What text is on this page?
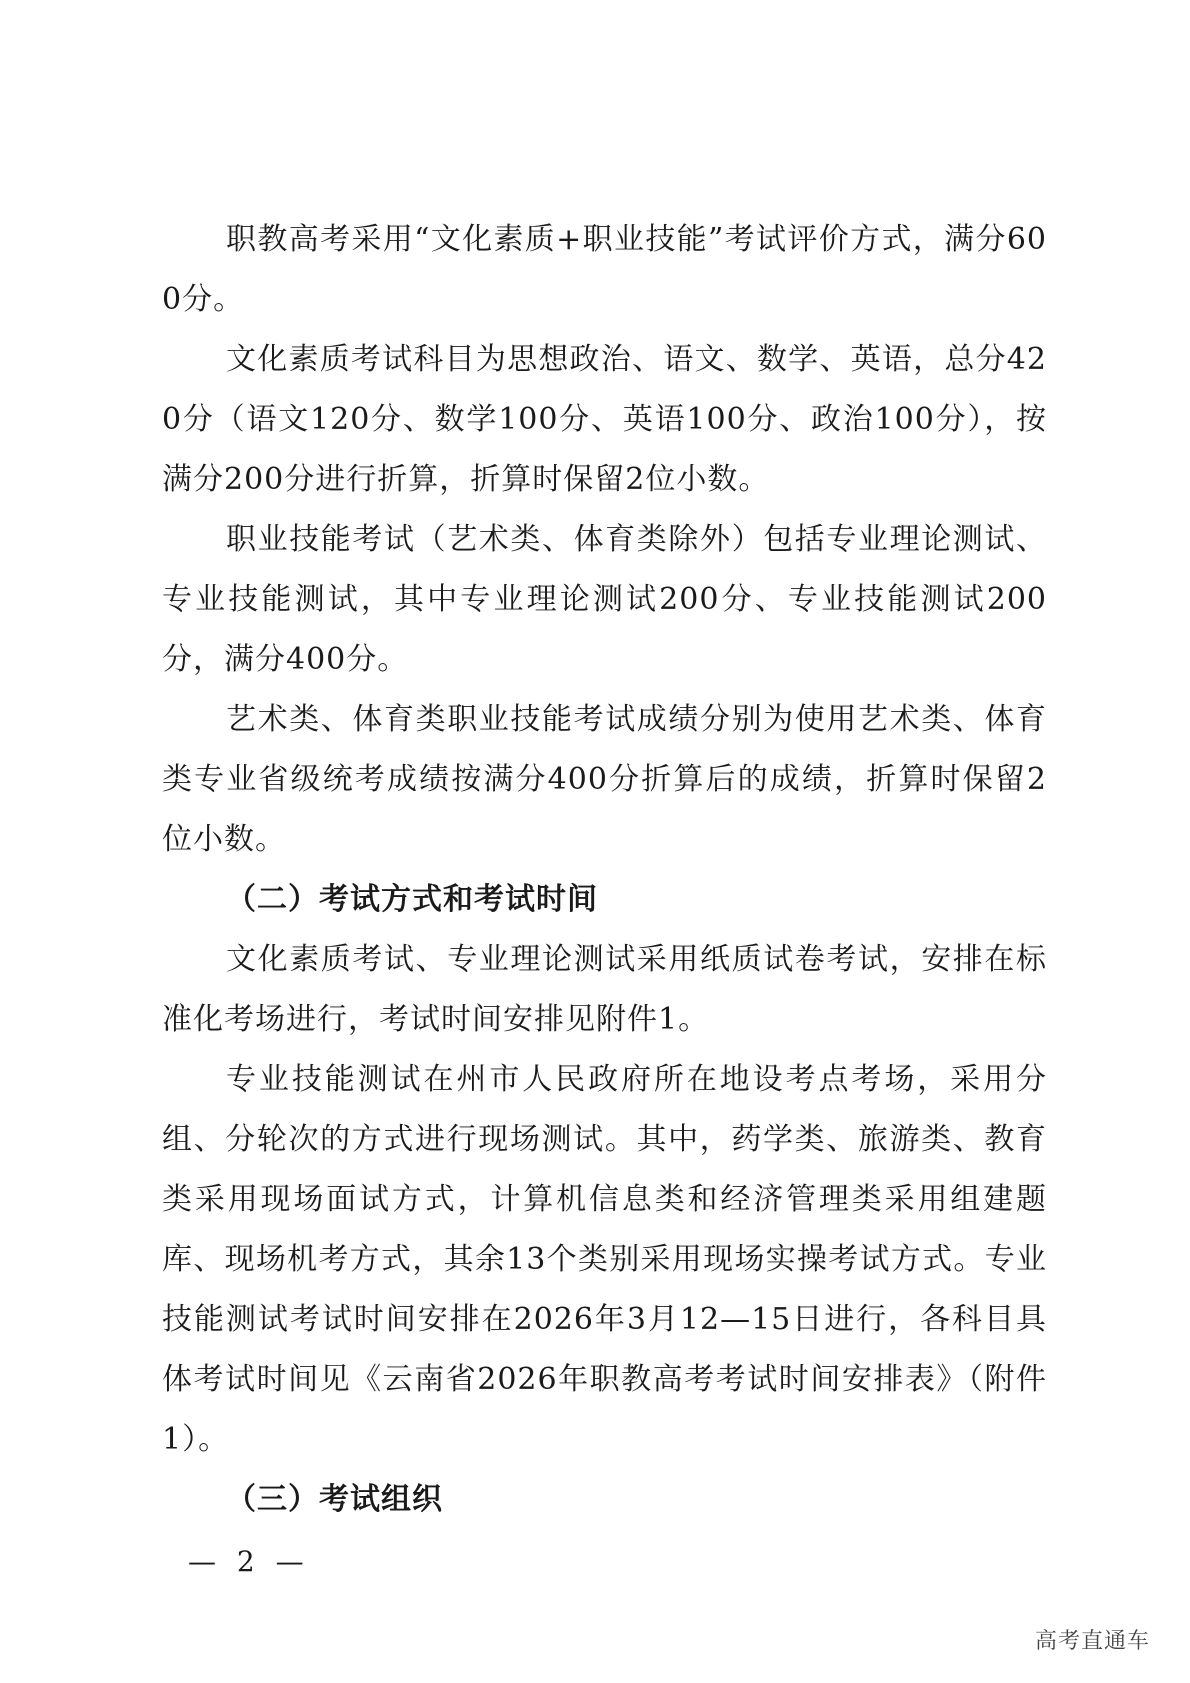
职教高考采用“文化素质+职业技能”考试评价方式，满分600分。

文化素质考试科目为思想政治、语文、数学、英语，总分420分（语文120分、数学100分、英语100分、政治100分），按满分200分进行折算，折算时保留2位小数。

职业技能考试（艺术类、体育类除外）包括专业理论测试、专业技能测试，其中专业理论测试200分、专业技能测试200分，满分400分。

艺术类、体育类职业技能考试成绩分别为使用艺术类、体育类专业省级统考成绩按满分400分折算后的成绩，折算时保留2位小数。

（二）考试方式和考试时间

文化素质考试、专业理论测试采用纸质试卷考试，安排在标准化考场进行，考试时间安排见附件1。

专业技能测试在州市人民政府所在地设考点考场，采用分组、分轮次的方式进行现场测试。其中，药学类、旅游类、教育类采用现场面试方式，计算机信息类和经济管理类采用组建题库、现场机考方式，其余13个类别采用现场实操考试方式。专业技能测试考试时间安排在2026年3月12—15日进行，各科目具体考试时间见《云南省2026年职教高考考试时间安排表》（附件1）。

（三）考试组织

— 2 —
高考直通车
